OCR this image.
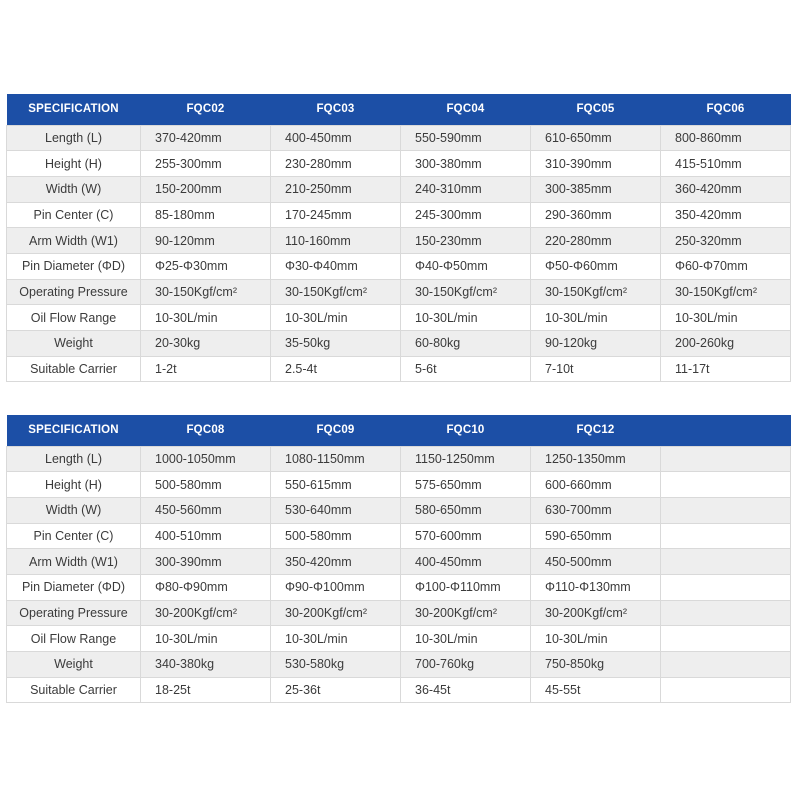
SPECIFICATION	FQC02	FQC03	FQC04	FQC05	FQC06
Length (L)	370-420mm	400-450mm	550-590mm	610-650mm	800-860mm
Height (H)	255-300mm	230-280mm	300-380mm	310-390mm	415-510mm
Width (W)	150-200mm	210-250mm	240-310mm	300-385mm	360-420mm
Pin Center (C)	85-180mm	170-245mm	245-300mm	290-360mm	350-420mm
Arm Width (W1)	90-120mm	110-160mm	150-230mm	220-280mm	250-320mm
Pin Diameter (ΦD)	Φ25-Φ30mm	Φ30-Φ40mm	Φ40-Φ50mm	Φ50-Φ60mm	Φ60-Φ70mm
Operating Pressure	30-150Kgf/cm²	30-150Kgf/cm²	30-150Kgf/cm²	30-150Kgf/cm²	30-150Kgf/cm²
Oil Flow Range	10-30L/min	10-30L/min	10-30L/min	10-30L/min	10-30L/min
Weight	20-30kg	35-50kg	60-80kg	90-120kg	200-260kg
Suitable Carrier	1-2t	2.5-4t	5-6t	7-10t	11-17t
SPECIFICATION	FQC08	FQC09	FQC10	FQC12	
Length (L)	1000-1050mm	1080-1150mm	1150-1250mm	1250-1350mm	
Height (H)	500-580mm	550-615mm	575-650mm	600-660mm	
Width (W)	450-560mm	530-640mm	580-650mm	630-700mm	
Pin Center (C)	400-510mm	500-580mm	570-600mm	590-650mm	
Arm Width (W1)	300-390mm	350-420mm	400-450mm	450-500mm	
Pin Diameter (ΦD)	Φ80-Φ90mm	Φ90-Φ100mm	Φ100-Φ110mm	Φ110-Φ130mm	
Operating Pressure	30-200Kgf/cm²	30-200Kgf/cm²	30-200Kgf/cm²	30-200Kgf/cm²	
Oil Flow Range	10-30L/min	10-30L/min	10-30L/min	10-30L/min	
Weight	340-380kg	530-580kg	700-760kg	750-850kg	
Suitable Carrier	18-25t	25-36t	36-45t	45-55t	
